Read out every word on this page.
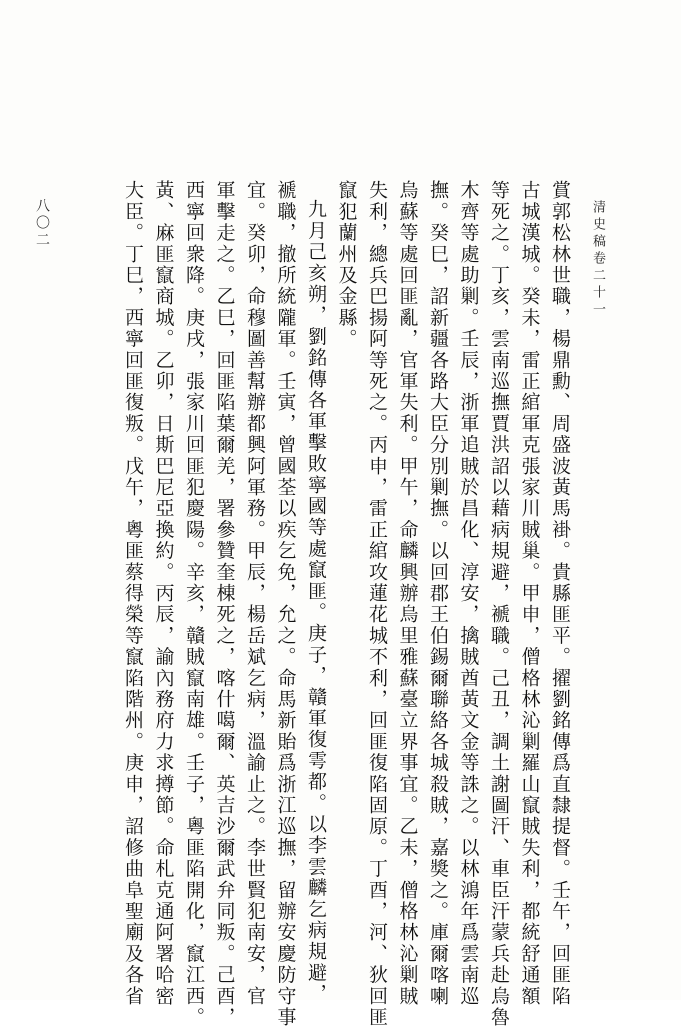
清史稿卷二十一
八〇二	賞郭松林世職，楊鼎勳、周盛波黃馬褂。貴縣匪平。擢劉銘傳爲直隸提督。壬午，回匪陷
古城漢城。癸未，雷正綰軍克張家川賊巢。甲申，僧格林沁剿羅山竄賊失利，都統舒通額
等死之。丁亥，雲南巡撫賈洪詔以藉病規避，褫職。己丑，調土謝圖汗、車臣汗蒙兵赴烏魯
木齊等處助剿。壬辰，浙軍追賊於昌化、淳安，擒賊酋黃文金等誅之。以林鴻年爲雲南巡
撫。癸巳，詔新疆各路大臣分別剿撫。以回郡王伯錫爾聯絡各城殺賊，嘉獎之。庫爾喀喇
烏蘇等處回匪亂，官軍失利。甲午，命麟興辦烏里雅蘇臺立界事宜。乙未，僧格林沁剿賊
失利，總兵巴揚阿等死之。丙申，雷正綰攻蓮花城不利，回匪復陷固原。丁酉，河、狄回匪
竄犯蘭州及金縣。
九月己亥朔，劉銘傳各軍擊敗寧國等處竄匪。庚子，贛軍復雩都。以李雲麟乞病規避，
褫職，撤所統隴軍。壬寅，曾國荃以疾乞免，允之。命馬新貽爲浙江巡撫，留辦安慶防守事
宜。癸卯，命穆圖善幫辦都興阿軍務。甲辰，楊岳斌乞病，溫諭止之。李世賢犯南安，官
軍擊走之。乙巳，回匪陷葉爾羌，署參贊奎棟死之，喀什噶爾、英吉沙爾武弁同叛。己酉，
西寧回衆降。庚戌，張家川回匪犯慶陽。辛亥，贛賊竄南雄。壬子，粵匪陷開化，竄江西。
黃、麻匪竄商城。乙卯，日斯巴尼亞換約。丙辰，諭內務府力求撙節。命札克通阿署哈密
大臣。丁巳，西寧回匪復叛。戊午，粵匪蔡得榮等竄陷階州。庚申，詔修曲阜聖廟及各省
